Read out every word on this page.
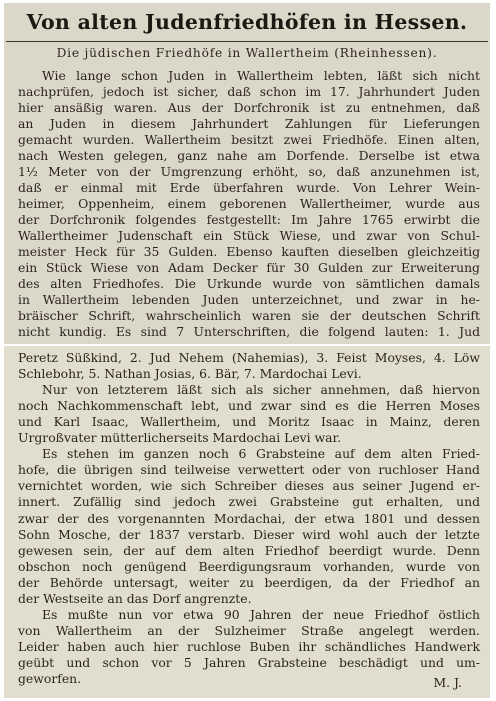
Von alten Judenfriedhöfen in Hessen.
Die jüdischen Friedhöfe in Wallertheim (Rheinhessen).
Wie lange schon Juden in Wallertheim lebten, läßt sich nicht
nachprüfen, jedoch ist sicher, daß schon im 17. Jahrhundert Juden
hier ansäßig waren. Aus der Dorfchronik ist zu entnehmen, daß
an Juden in diesem Jahrhundert Zahlungen für Lieferungen
gemacht wurden. Wallertheim besitzt zwei Friedhöfe. Einen alten,
nach Westen gelegen, ganz nahe am Dorfende. Derselbe ist etwa
1½ Meter von der Umgrenzung erhöht, so, daß anzunehmen ist,
daß er einmal mit Erde überfahren wurde. Von Lehrer Wein-
heimer, Oppenheim, einem geborenen Wallertheimer, wurde aus
der Dorfchronik folgendes festgestellt: Im Jahre 1765 erwirbt die
Wallertheimer Judenschaft ein Stück Wiese, und zwar von Schul-
meister Heck für 35 Gulden. Ebenso kauften dieselben gleichzeitig
ein Stück Wiese von Adam Decker für 30 Gulden zur Erweiterung
des alten Friedhofes. Die Urkunde wurde von sämtlichen damals
in Wallertheim lebenden Juden unterzeichnet, und zwar in he-
bräischer Schrift, wahrscheinlich waren sie der deutschen Schrift
nicht kundig. Es sind 7 Unterschriften, die folgend lauten: 1. Jud
Peretz Süßkind, 2. Jud Nehem (Nahemias), 3. Feist Moyses, 4. Löw
Schlebohr, 5. Nathan Josias, 6. Bär, 7. Mardochai Levi.
Nur von letzterem läßt sich als sicher annehmen, daß hiervon
noch Nachkommenschaft lebt, und zwar sind es die Herren Moses
und Karl Isaac, Wallertheim, und Moritz Isaac in Mainz, deren
Urgroßvater mütterlicherseits Mardochai Levi war.
Es stehen im ganzen noch 6 Grabsteine auf dem alten Fried-
hofe, die übrigen sind teilweise verwettert oder von ruchloser Hand
vernichtet worden, wie sich Schreiber dieses aus seiner Jugend er-
innert. Zufällig sind jedoch zwei Grabsteine gut erhalten, und
zwar der des vorgenannten Mordachai, der etwa 1801 und dessen
Sohn Mosche, der 1837 verstarb. Dieser wird wohl auch der letzte
gewesen sein, der auf dem alten Friedhof beerdigt wurde. Denn
obschon noch genügend Beerdigungsraum vorhanden, wurde von
der Behörde untersagt, weiter zu beerdigen, da der Friedhof an
der Westseite an das Dorf angrenzte.
Es mußte nun vor etwa 90 Jahren der neue Friedhof östlich
von Wallertheim an der Sulzheimer Straße angelegt werden.
Leider haben auch hier ruchlose Buben ihr schändliches Handwerk
geübt und schon vor 5 Jahren Grabsteine beschädigt und um-
geworfen.	M. J.
